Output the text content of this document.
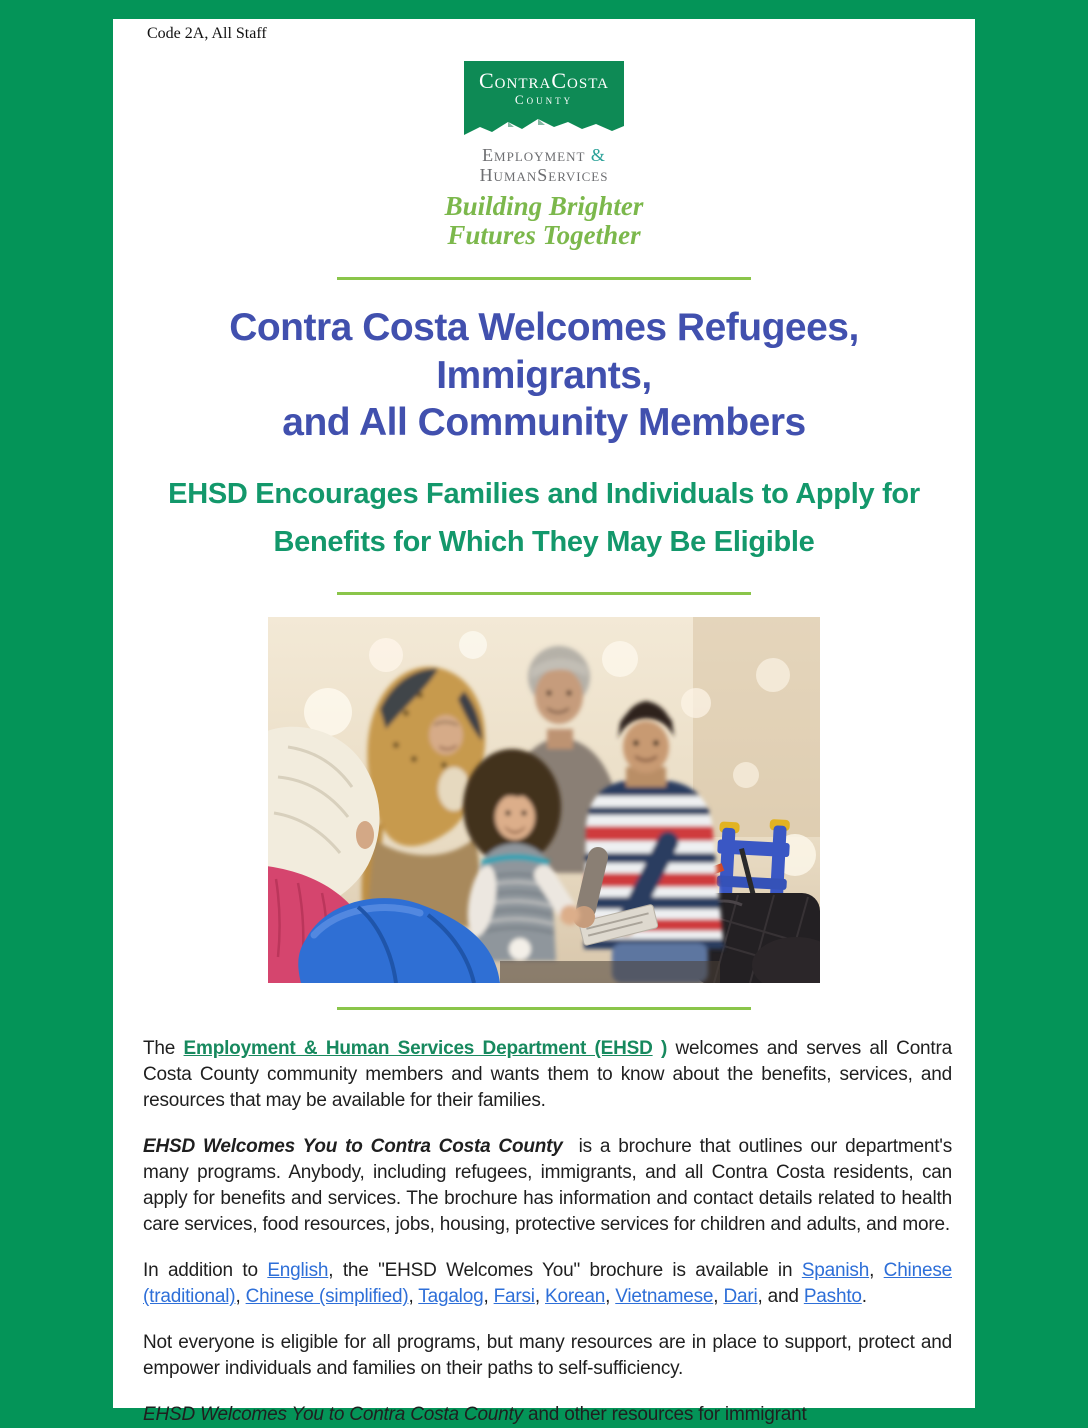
Code 2A, All Staff
ContraCosta
County
Employment &
HumanServices
Building Brighter
Futures Together
Contra Costa Welcomes Refugees, Immigrants,
and All Community Members
EHSD Encourages Families and Individuals to Apply for
Benefits for Which They May Be Eligible

The Employment & Human Services Department (EHSD ) welcomes and serves all Contra Costa County community members and wants them to know about the benefits, services, and resources that may be available for their families.

EHSD Welcomes You to Contra Costa County  is a brochure that outlines our department's many programs. Anybody, including refugees, immigrants, and all Contra Costa residents, can apply for benefits and services. The brochure has information and contact details related to health care services, food resources, jobs, housing, protective services for children and adults, and more.

In addition to English, the "EHSD Welcomes You" brochure is available in Spanish, Chinese (traditional), Chinese (simplified), Tagalog, Farsi, Korean, Vietnamese, Dari, and Pashto.

Not everyone is eligible for all programs, but many resources are in place to support, protect and empower individuals and families on their paths to self-sufficiency.

EHSD Welcomes You to Contra Costa County and other resources for immigrant
